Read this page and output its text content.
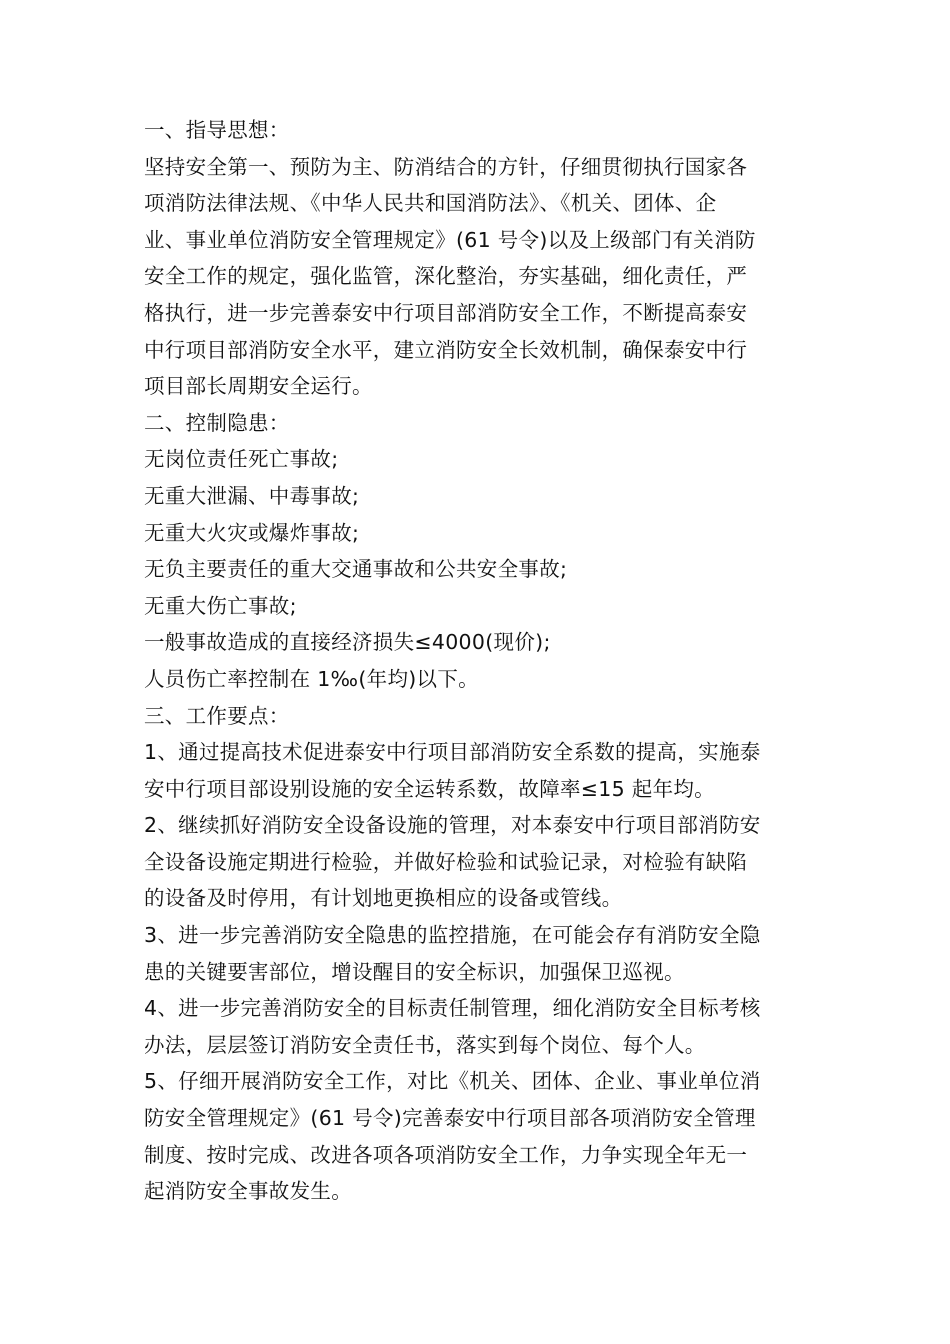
一、指导思想：
坚持安全第一、预防为主、防消结合的方针，仔细贯彻执行国家各
项消防法律法规、《中华人民共和国消防法》、《机关、团体、企
业、事业单位消防安全管理规定》(61 号令)以及上级部门有关消防
安全工作的规定，强化监管，深化整治，夯实基础，细化责任，严
格执行，进一步完善泰安中行项目部消防安全工作，不断提高泰安
中行项目部消防安全水平，建立消防安全长效机制，确保泰安中行
项目部长周期安全运行。
二、控制隐患：
无岗位责任死亡事故;
无重大泄漏、中毒事故;
无重大火灾或爆炸事故;
无负主要责任的重大交通事故和公共安全事故;
无重大伤亡事故;
一般事故造成的直接经济损失≤4000(现价);
人员伤亡率控制在 1‰(年均)以下。
三、工作要点：
1、通过提高技术促进泰安中行项目部消防安全系数的提高，实施泰
安中行项目部设别设施的安全运转系数，故障率≤15 起年均。
2、继续抓好消防安全设备设施的管理，对本泰安中行项目部消防安
全设备设施定期进行检验，并做好检验和试验记录，对检验有缺陷
的设备及时停用，有计划地更换相应的设备或管线。
3、进一步完善消防安全隐患的监控措施，在可能会存有消防安全隐
患的关键要害部位，增设醒目的安全标识，加强保卫巡视。
4、进一步完善消防安全的目标责任制管理，细化消防安全目标考核
办法，层层签订消防安全责任书，落实到每个岗位、每个人。
5、仔细开展消防安全工作，对比《机关、团体、企业、事业单位消
防安全管理规定》(61 号令)完善泰安中行项目部各项消防安全管理
制度、按时完成、改进各项各项消防安全工作，力争实现全年无一
起消防安全事故发生。
